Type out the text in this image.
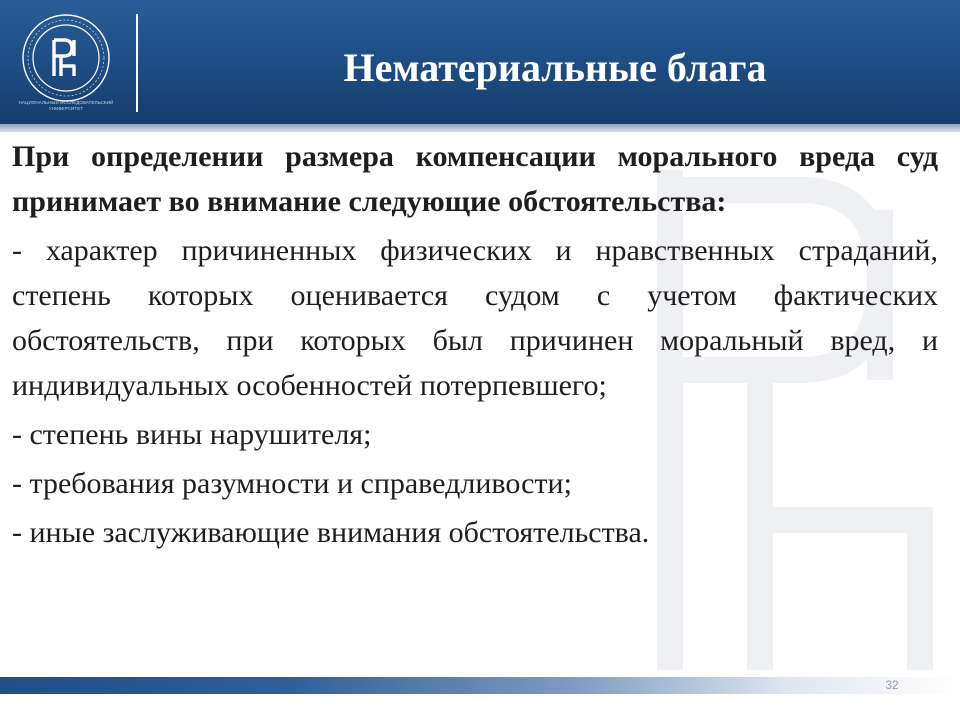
НАЦИОНАЛЬНЫЙ ИССЛЕДОВАТЕЛЬСКИЙ УНИВЕРСИТЕТ
Нематериальные блага

При определении размера компенсации морального вреда суд принимает во внимание следующие обстоятельства:

- характер причиненных физических и нравственных страданий, степень которых оценивается судом с учетом фактических обстоятельств, при которых был причинен моральный вред, и индивидуальных особенностей потерпевшего;

- степень вины нарушителя;

- требования разумности и справедливости;

- иные заслуживающие внимания обстоятельства.

32
